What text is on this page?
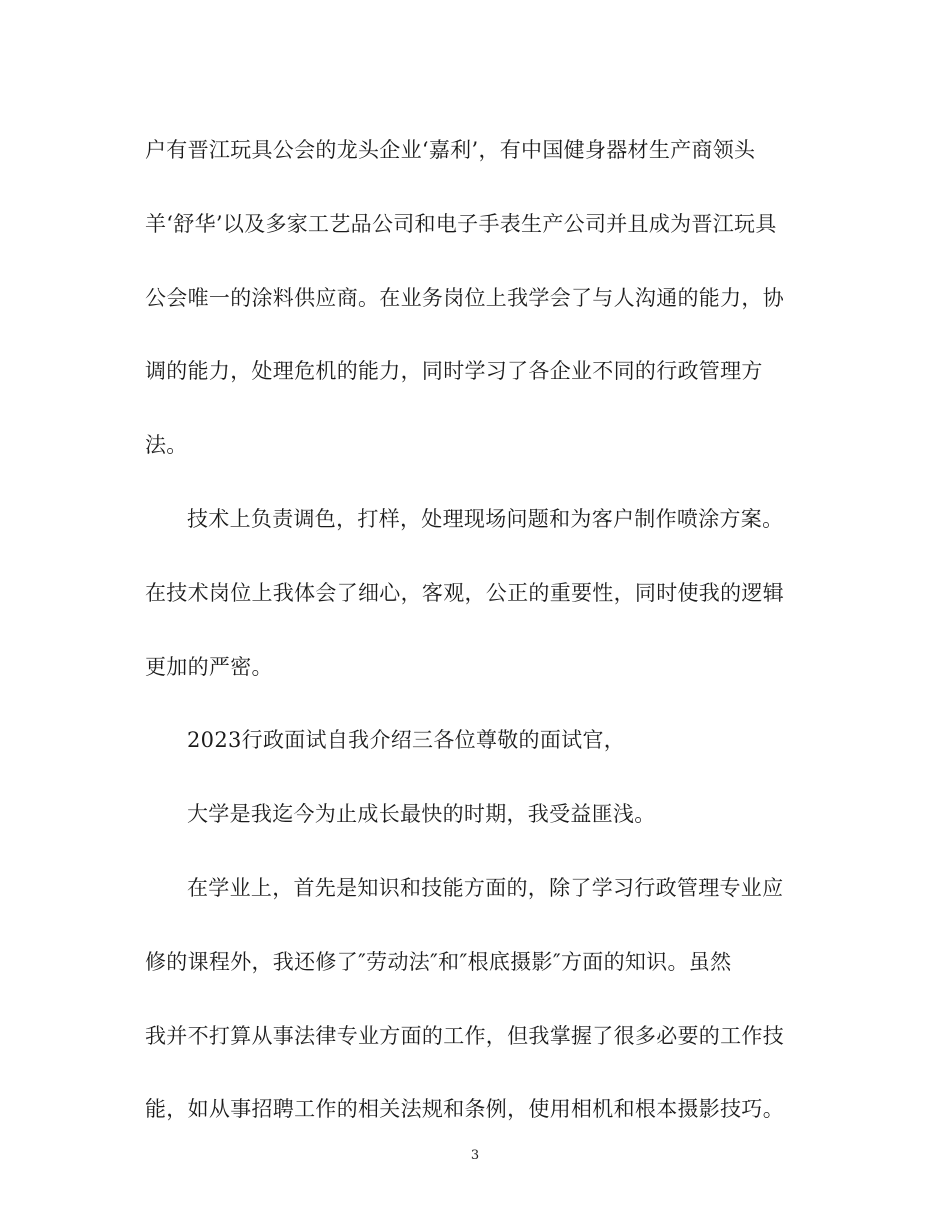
户有晋江玩具公会的龙头企业‘嘉利’，有中国健身器材生产商领头
羊‘舒华’以及多家工艺品公司和电子手表生产公司并且成为晋江玩具
公会唯一的涂料供应商。在业务岗位上我学会了与人沟通的能力，协
调的能力，处理危机的能力，同时学习了各企业不同的行政管理方
法。

技术上负责调色，打样，处理现场问题和为客户制作喷涂方案。
在技术岗位上我体会了细心，客观，公正的重要性，同时使我的逻辑
更加的严密。

2023行政面试自我介绍三各位尊敬的面试官，

大学是我迄今为止成长最快的时期，我受益匪浅。

在学业上，首先是知识和技能方面的，除了学习行政管理专业应
修的课程外，我还修了″劳动法″和″根底摄影″方面的知识。虽然
我并不打算从事法律专业方面的工作，但我掌握了很多必要的工作技
能，如从事招聘工作的相关法规和条例，使用相机和根本摄影技巧。

3
